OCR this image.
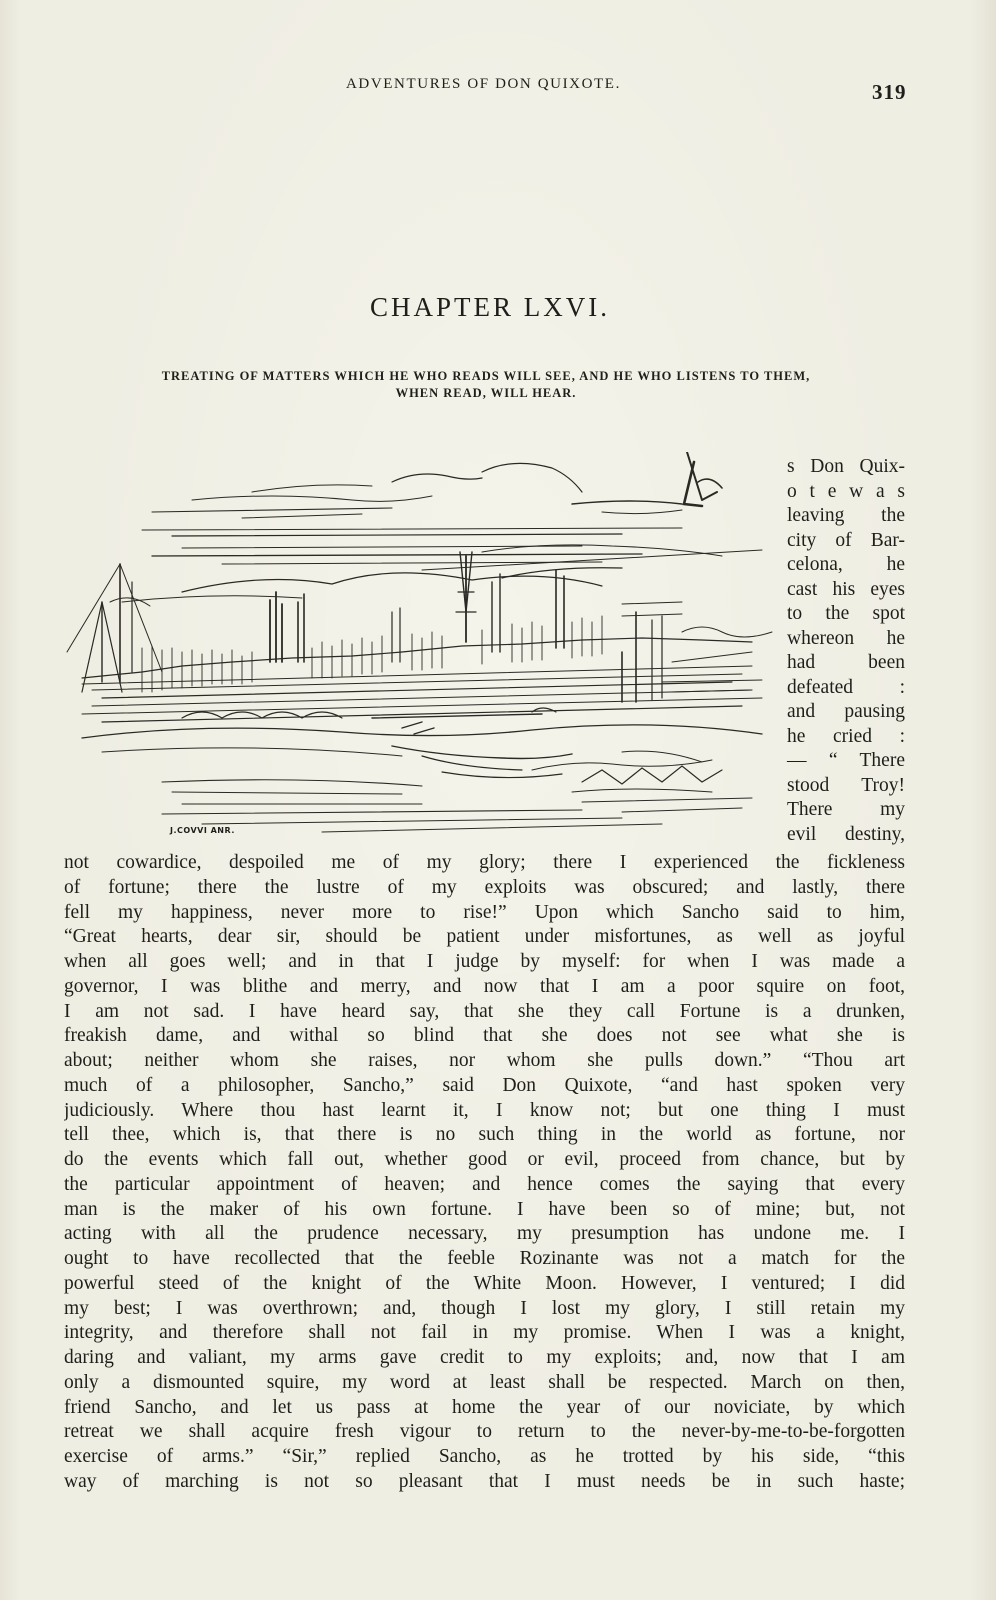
ADVENTURES OF DON QUIXOTE.	319
CHAPTER LXVI.
TREATING OF MATTERS WHICH HE WHO READS WILL SEE, AND HE WHO LISTENS TO THEM,
WHEN READ, WILL HEAR.
J.COVVI ANR.
s Don Quix-
o t e w a s
leaving the
city of Bar-
celona, he
cast his eyes
to the spot
whereon he
had been
defeated :
and pausing
he cried :
— “ There
stood Troy!
There my
evil destiny,
not cowardice, despoiled me of my glory; there I experienced the fickleness
of fortune; there the lustre of my exploits was obscured; and lastly, there
fell my happiness, never more to rise!” Upon which Sancho said to him,
“Great hearts, dear sir, should be patient under misfortunes, as well as joyful
when all goes well; and in that I judge by myself: for when I was made a
governor, I was blithe and merry, and now that I am a poor squire on foot,
I am not sad. I have heard say, that she they call Fortune is a drunken,
freakish dame, and withal so blind that she does not see what she is
about; neither whom she raises, nor whom she pulls down.” “Thou art
much of a philosopher, Sancho,” said Don Quixote, “and hast spoken very
judiciously. Where thou hast learnt it, I know not; but one thing I must
tell thee, which is, that there is no such thing in the world as fortune, nor
do the events which fall out, whether good or evil, proceed from chance, but by
the particular appointment of heaven; and hence comes the saying that every
man is the maker of his own fortune. I have been so of mine; but, not
acting with all the prudence necessary, my presumption has undone me. I
ought to have recollected that the feeble Rozinante was not a match for the
powerful steed of the knight of the White Moon. However, I ventured; I did
my best; I was overthrown; and, though I lost my glory, I still retain my
integrity, and therefore shall not fail in my promise. When I was a knight,
daring and valiant, my arms gave credit to my exploits; and, now that I am
only a dismounted squire, my word at least shall be respected. March on then,
friend Sancho, and let us pass at home the year of our noviciate, by which
retreat we shall acquire fresh vigour to return to the never-by-me-to-be-forgotten
exercise of arms.” “Sir,” replied Sancho, as he trotted by his side, “this
way of marching is not so pleasant that I must needs be in such haste;
